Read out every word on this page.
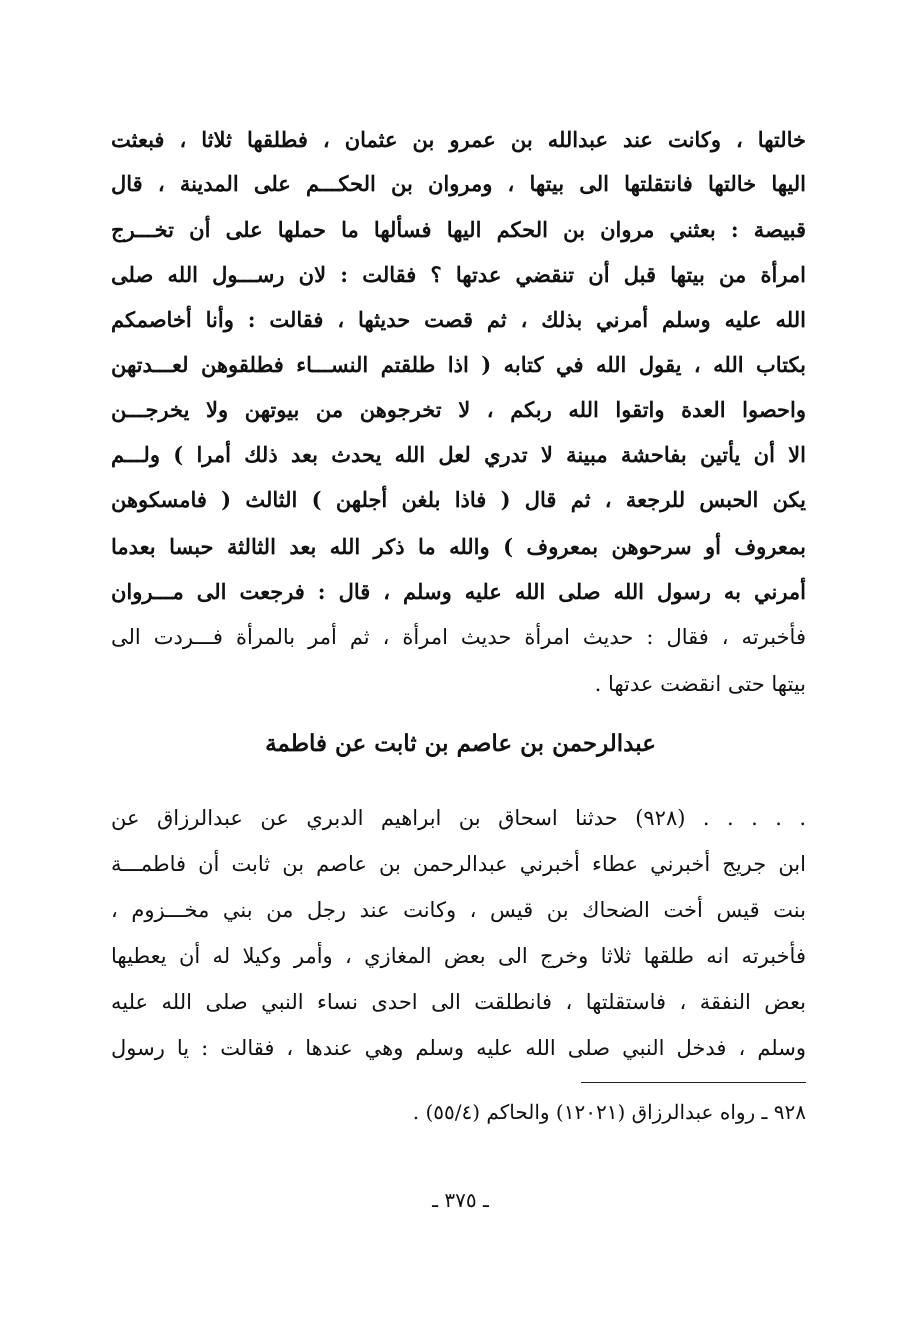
خالتها ، وكانت عند عبدالله بن عمرو بن عثمان ، فطلقها ثلاثا ، فبعثت
اليها خالتها فانتقلتها الى بيتها ، ومروان بن الحكـــم على المدينة ، قال
قبيصة : بعثني مروان بن الحكم اليها فسألها ما حملها على أن تخـــرج
امرأة من بيتها قبل أن تنقضي عدتها ؟ فقالت : لان رســـول الله صلى
الله عليه وسلم أمرني بذلك ، ثم قصت حديثها ، فقالت : وأنا أخاصمكم
بكتاب الله ، يقول الله في كتابه ( اذا طلقتم النســـاء فطلقوهن لعـــدتهن
واحصوا العدة واتقوا الله ربكم ، لا تخرجوهن من بيوتهن ولا يخرجـــن
الا أن يأتين بفاحشة مبينة لا تدري لعل الله يحدث بعد ذلك أمرا ) ولـــم
يكن الحبس للرجعة ، ثم قال ( فاذا بلغن أجلهن ) الثالث ( فامسكوهن
بمعروف أو سرحوهن بمعروف ) والله ما ذكر الله بعد الثالثة حبسا بعدما
أمرني به رسول الله صلى الله عليه وسلم ، قال : فرجعت الى مـــروان
فأخبرته ، فقال : حديث امرأة حديث امرأة ، ثم أمر بالمرأة فـــردت الى
بيتها حتى انقضت عدتها .
عبدالرحمن بن عاصم بن ثابت عن فاطمة
. . . . . (٩٢٨) حدثنا اسحاق بن ابراهيم الدبري عن عبدالرزاق عن
ابن جريج أخبرني عطاء أخبرني عبدالرحمن بن عاصم بن ثابت أن فاطمـــة
بنت قيس أخت الضحاك بن قيس ، وكانت عند رجل من بني مخـــزوم ،
فأخبرته انه طلقها ثلاثا وخرج الى بعض المغازي ، وأمر وكيلا له أن يعطيها
بعض النفقة ، فاستقلتها ، فانطلقت الى احدى نساء النبي صلى الله عليه
وسلم ، فدخل النبي صلى الله عليه وسلم وهي عندها ، فقالت : يا رسول
٩٢٨ ـ رواه عبدالرزاق (١٢٠٢١) والحاكم (٥٥/٤) .
ـ ٣٧٥ ـ
